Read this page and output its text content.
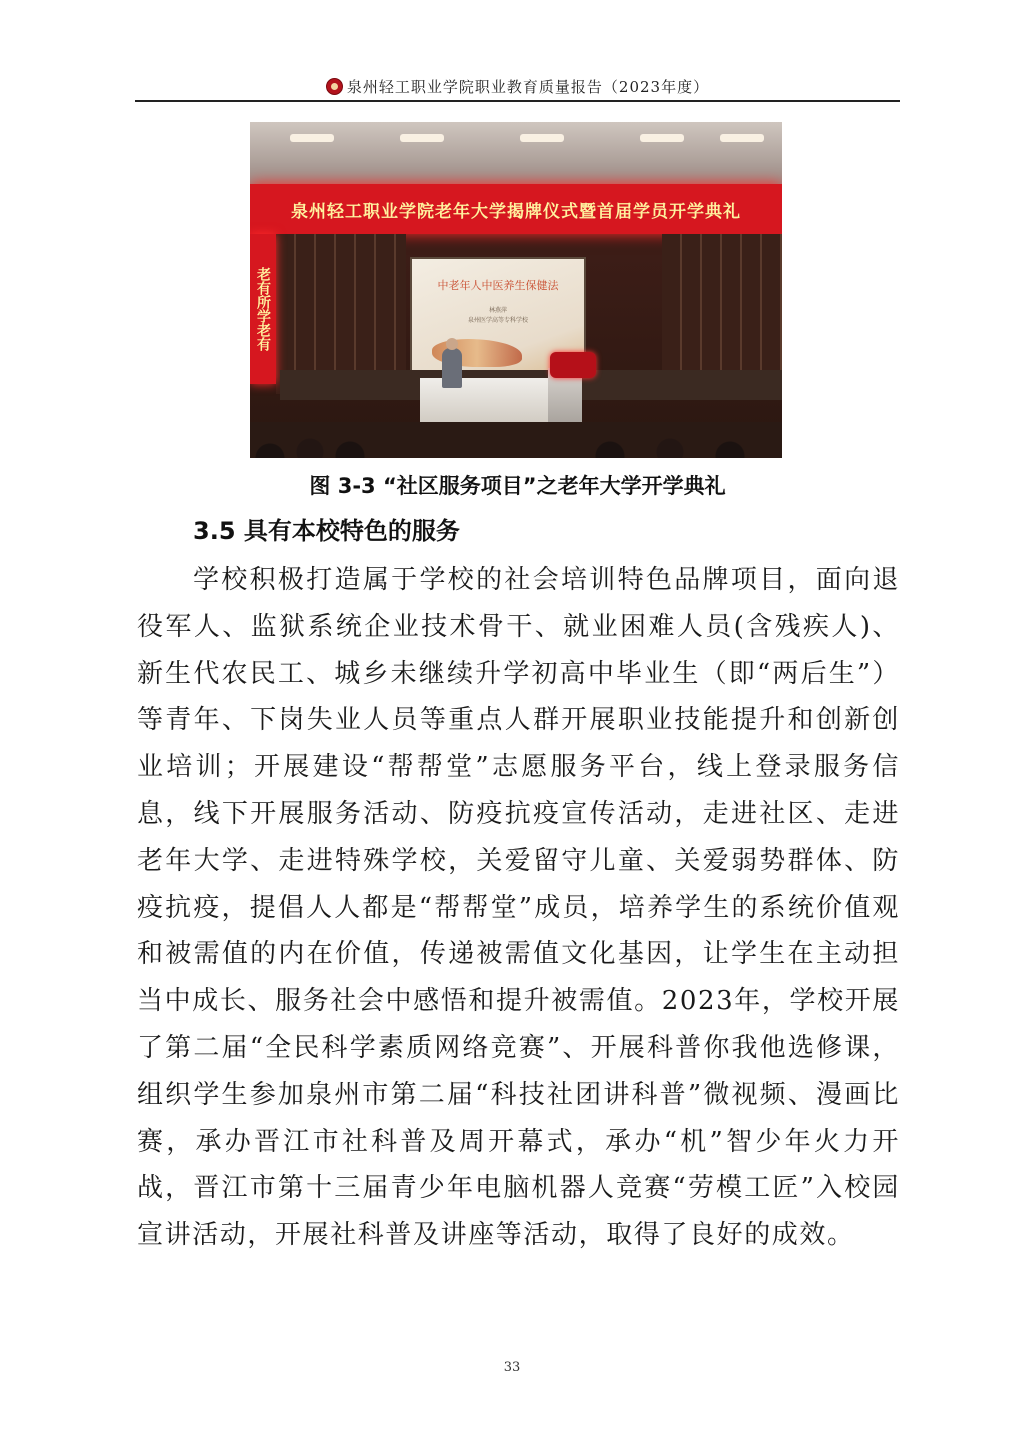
泉州轻工职业学院职业教育质量报告（2023年度）
泉州轻工职业学院老年大学揭牌仪式暨首届学员开学典礼
老有所学老有	中老年人中医养生保健法
林燕萍
泉州医学高等专科学校
图 3-3 “社区服务项目”之老年大学开学典礼
3.5 具有本校特色的服务
学校积极打造属于学校的社会培训特色品牌项目，面向退役军人、监狱系统企业技术骨干、就业困难人员(含残疾人)、新生代农民工、城乡未继续升学初高中毕业生（即“两后生”）等青年、下岗失业人员等重点人群开展职业技能提升和创新创业培训；开展建设“帮帮堂”志愿服务平台，线上登录服务信息，线下开展服务活动、防疫抗疫宣传活动，走进社区、走进老年大学、走进特殊学校，关爱留守儿童、关爱弱势群体、防疫抗疫，提倡人人都是“帮帮堂”成员，培养学生的系统价值观和被需值的内在价值，传递被需值文化基因，让学生在主动担当中成长、服务社会中感悟和提升被需值。2023年，学校开展了第二届“全民科学素质网络竞赛”、开展科普你我他选修课，组织学生参加泉州市第二届“科技社团讲科普”微视频、漫画比赛，承办晋江市社科普及周开幕式，承办“机”智少年火力开战，晋江市第十三届青少年电脑机器人竞赛“劳模工匠”入校园宣讲活动，开展社科普及讲座等活动，取得了良好的成效。
33
